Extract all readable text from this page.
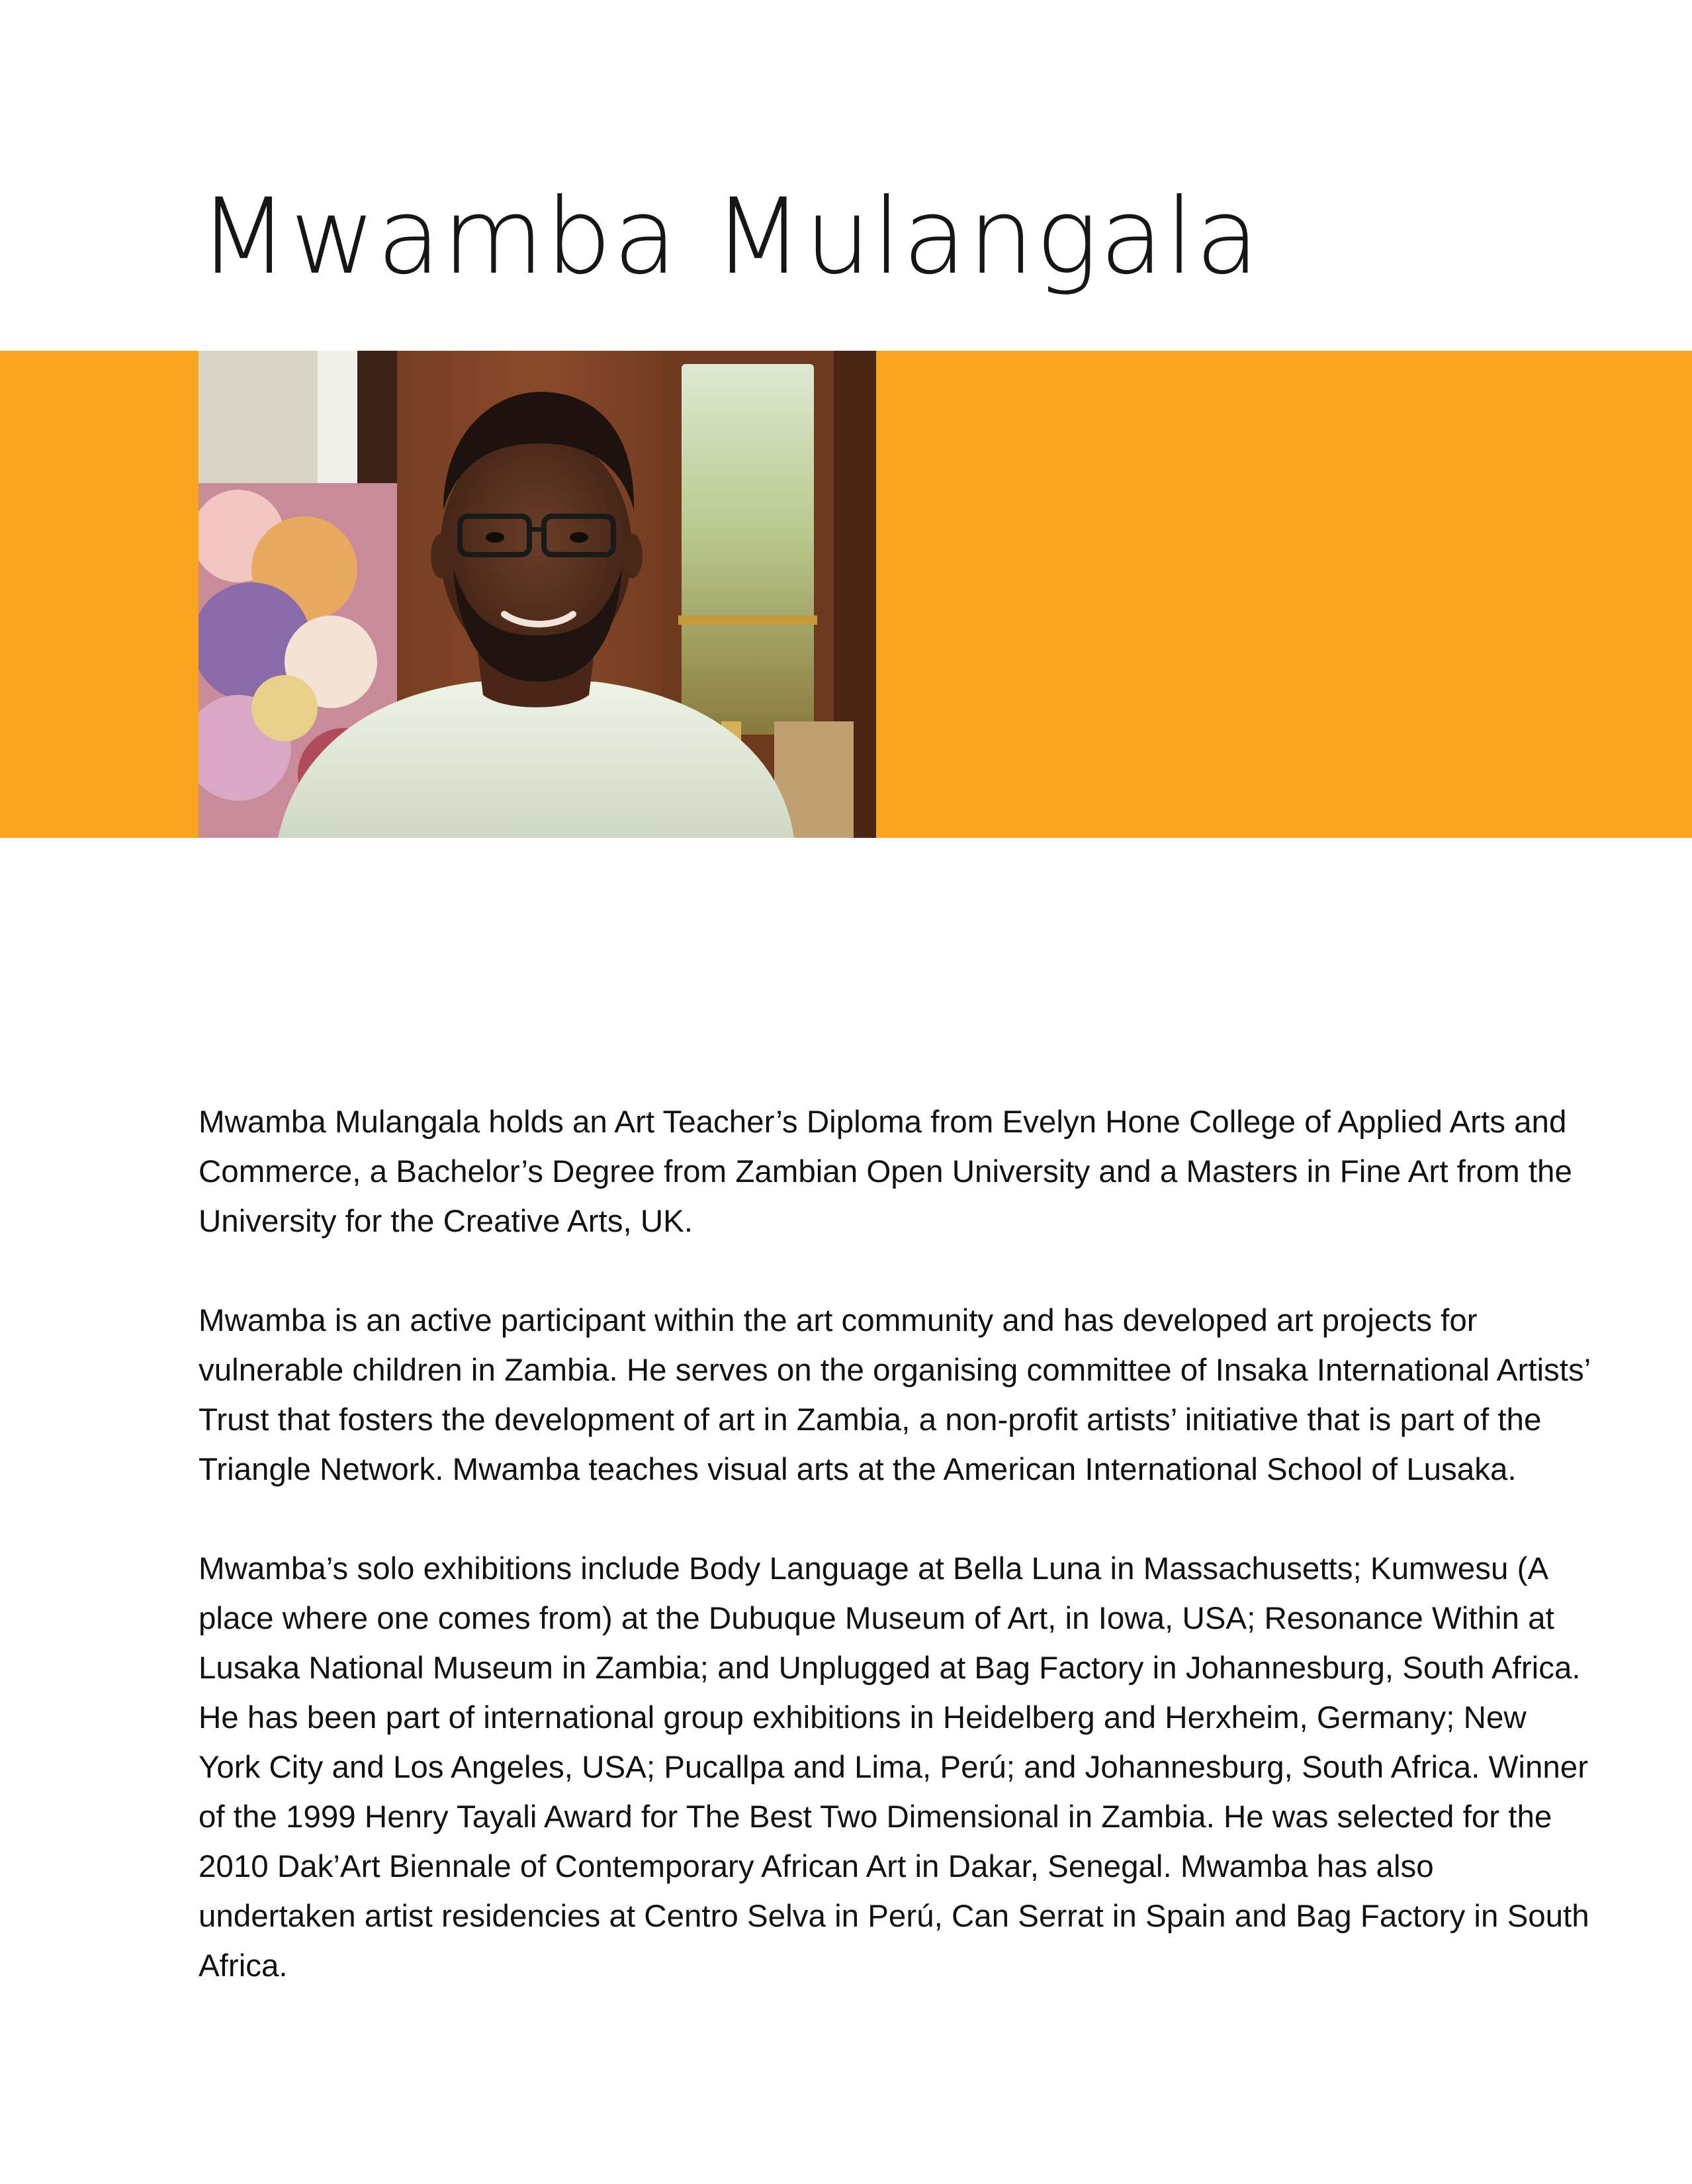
Mwamba Mulangala

Mwamba Mulangala holds an Art Teacher’s Diploma from Evelyn Hone College of Applied Arts and Commerce, a Bachelor’s Degree from Zambian Open University and a Masters in Fine Art from the University for the Creative Arts, UK.

Mwamba is an active participant within the art community and has developed art projects for vulnerable children in Zambia. He serves on the organising committee of Insaka International Artists’ Trust that fosters the development of art in Zambia, a non-profit artists’ initiative that is part of the Triangle Network. Mwamba teaches visual arts at the American International School of Lusaka.

Mwamba’s solo exhibitions include Body Language at Bella Luna in Massachusetts; Kumwesu (A place where one comes from) at the Dubuque Museum of Art, in Iowa, USA; Resonance Within at Lusaka National Museum in Zambia; and Unplugged at Bag Factory in Johannesburg, South Africa. He has been part of international group exhibitions in Heidelberg and Herxheim, Germany; New York City and Los Angeles, USA; Pucallpa and Lima, Perú; and Johannesburg, South Africa. Winner of the 1999 Henry Tayali Award for The Best Two Dimensional in Zambia. He was selected for the 2010 Dak’Art Biennale of Contemporary African Art in Dakar, Senegal. Mwamba has also undertaken artist residencies at Centro Selva in Perú, Can Serrat in Spain and Bag Factory in South Africa.
